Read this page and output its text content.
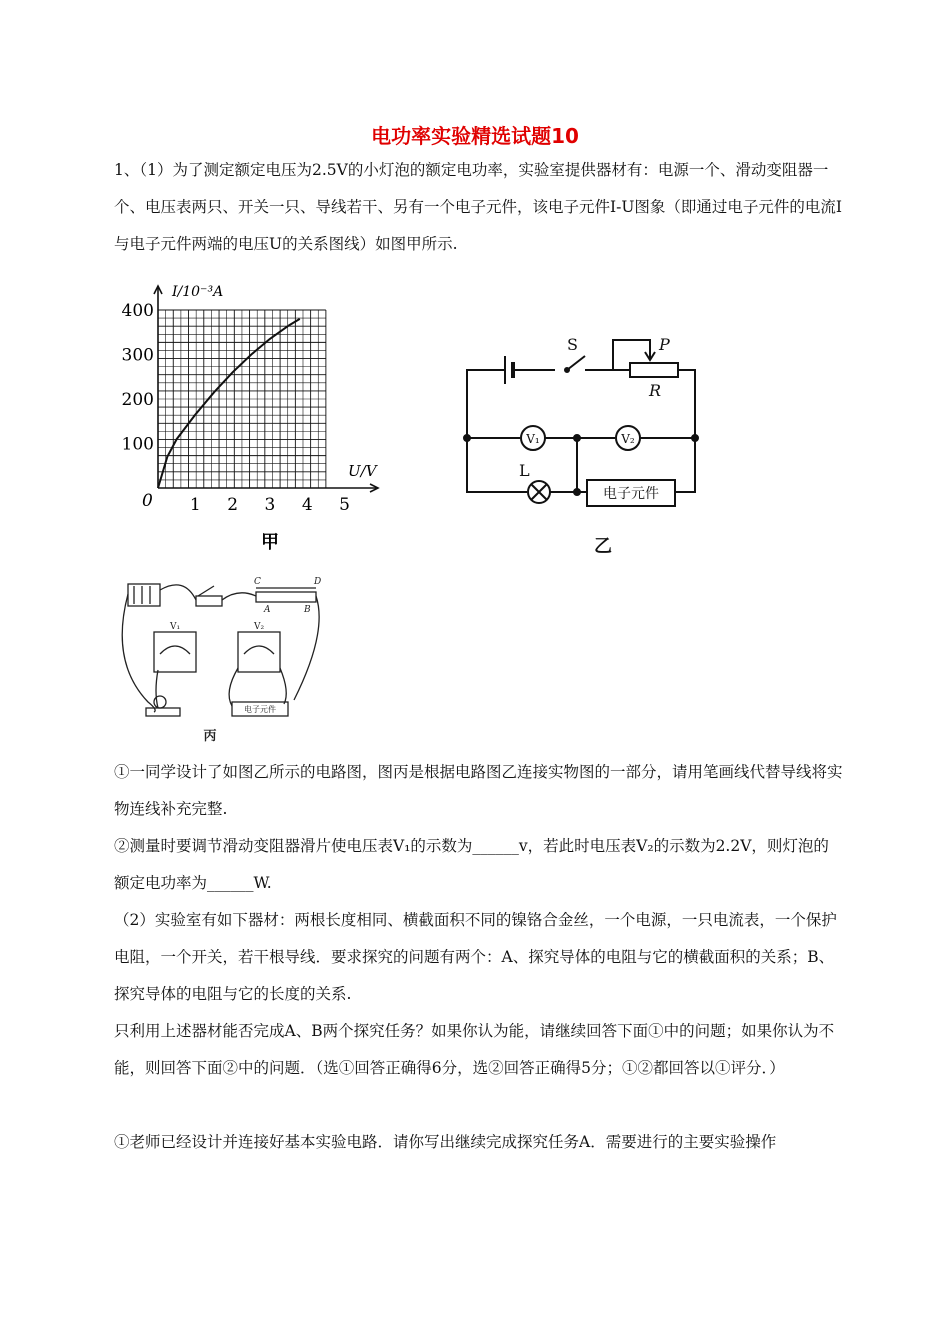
电功率实验精选试题10
1、（1）为了测定额定电压为2.5V的小灯泡的额定电功率，实验室提供器材有：电源一个、滑动变阻器一个、电压表两只、开关一只、导线若干、另有一个电子元件，该电子元件I-U图象（即通过电子元件的电流I与电子元件两端的电压U的关系图线）如图甲所示.
1 2 3 4 5
100
200
300
400
I/10⁻³A
U/V
0
甲
S	P
R
V₁	V₂
L
电子元件
乙
C	D
A	B
V₁	V₂
电子元件
丙
①一同学设计了如图乙所示的电路图，图丙是根据电路图乙连接实物图的一部分，请用笔画线代替导线将实物连线补充完整.
②测量时要调节滑动变阻器滑片使电压表V₁的示数为______v，若此时电压表V₂的示数为2.2V，则灯泡的额定电功率为______W.
（2）实验室有如下器材：两根长度相同、横截面积不同的镍铬合金丝，一个电源，一只电流表，一个保护电阻，一个开关，若干根导线．要求探究的问题有两个：A、探究导体的电阻与它的横截面积的关系；B、探究导体的电阻与它的长度的关系.
只利用上述器材能否完成A、B两个探究任务？如果你认为能，请继续回答下面①中的问题；如果你认为不能，则回答下面②中的问题．（选①回答正确得6分，选②回答正确得5分；①②都回答以①评分．）
①老师已经设计并连接好基本实验电路．请你写出继续完成探究任务A．需要进行的主要实验操作
